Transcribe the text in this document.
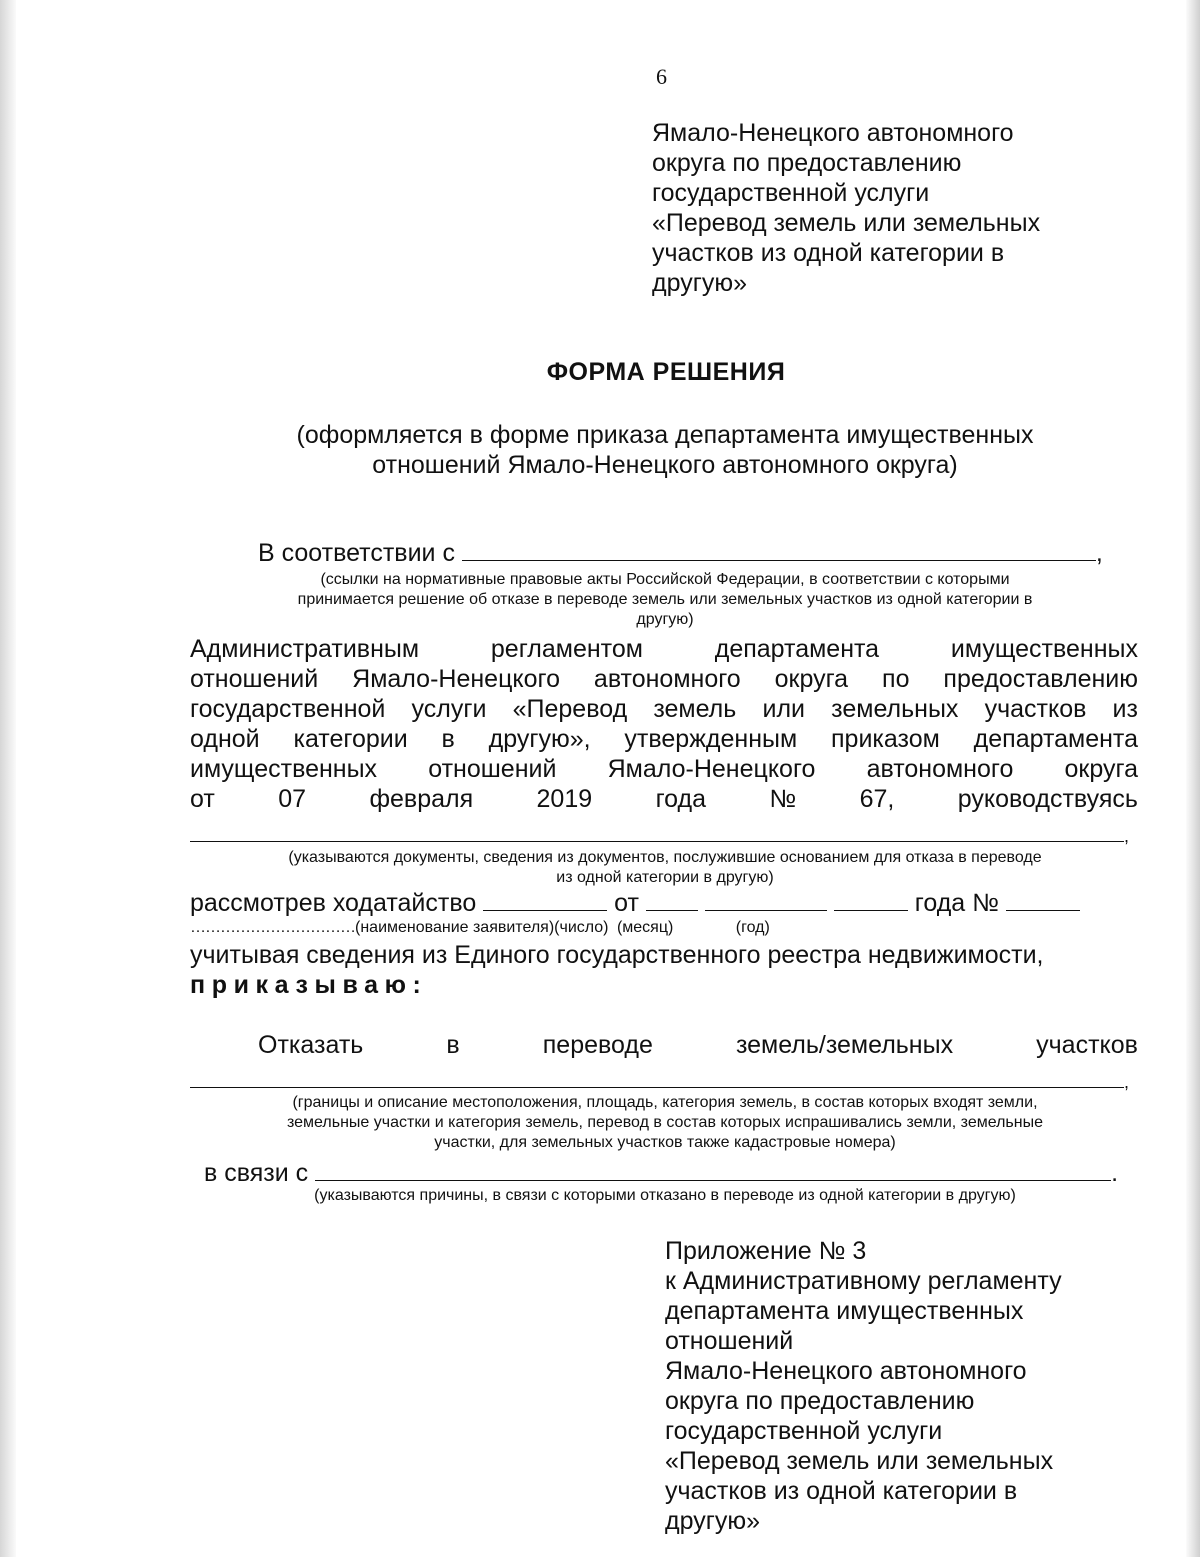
6
Ямало-Ненецкого автономного
округа по предоставлению
государственной услуги
«Перевод земель или земельных
участков из одной категории в
другую»
ФОРМА РЕШЕНИЯ
(оформляется в форме приказа департамента имущественных
отношений Ямало-Ненецкого автономного округа)
В соответствии с	,
(ссылки на нормативные правовые акты Российской Федерации, в соответствии с которыми
принимается решение об отказе в переводе земель или земельных участков из одной категории в
другую)
Административным	регламентом	департамента	имущественных
отношений Ямало-Ненецкого автономного округа по предоставлению
государственной услуги «Перевод земель или земельных участков из
одной категории в другую», утвержденным приказом департамента
имущественных отношений Ямало-Ненецкого автономного округа
от	07	февраля	2019	года	№	67,	руководствуясь
,
(указываются документы, сведения из документов, послужившие основанием для отказа в переводе
из одной категории в другую)
рассмотрев ходатайство	от	года №
……………………………(наименование заявителя)(число) (месяц)	(год)
учитывая сведения из Единого государственного реестра недвижимости,
приказываю:
Отказать	в	переводе	земель/земельных	участков
,
(границы и описание местоположения, площадь, категория земель, в состав которых входят земли,
земельные участки и категория земель, перевод в состав которых испрашивались земли, земельные
участки, для земельных участков также кадастровые номера)
в связи с	.
(указываются причины, в связи с которыми отказано в переводе из одной категории в другую)
Приложение № 3
к Административному регламенту
департамента имущественных
отношений
Ямало-Ненецкого автономного
округа по предоставлению
государственной услуги
«Перевод земель или земельных
участков из одной категории в
другую»
